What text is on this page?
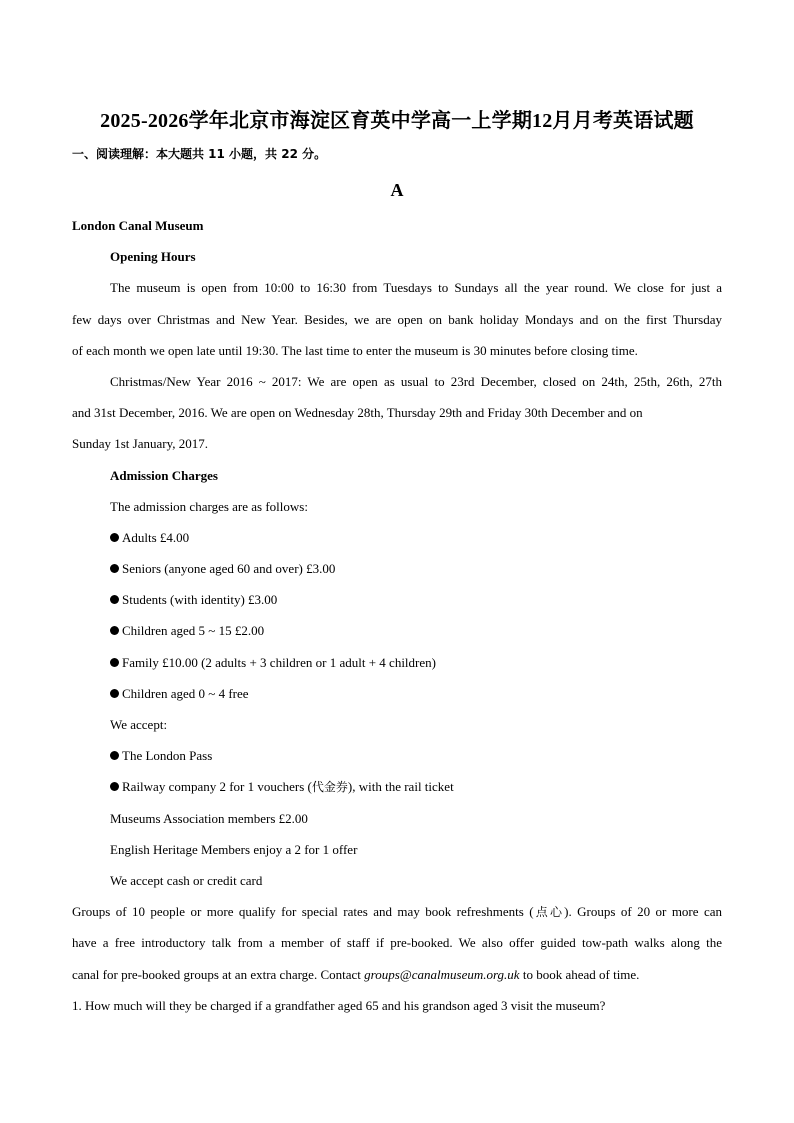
2025-2026学年北京市海淀区育英中学高一上学期12月月考英语试题
一、阅读理解：本大题共 11 小题，共 22 分。
A
London Canal Museum
Opening Hours
The museum is open from 10:00 to 16:30 from Tuesdays to Sundays all the year round. We close for just a
few days over Christmas and New Year. Besides, we are open on bank holiday Mondays and on the first Thursday
of each month we open late until 19:30. The last time to enter the museum is 30 minutes before closing time.
Christmas/New Year 2016 ~ 2017: We are open as usual to 23rd December, closed on 24th, 25th, 26th, 27th
and 31st December, 2016. We are open on Wednesday 28th, Thursday 29th and Friday 30th December and on
Sunday 1st January, 2017.
Admission Charges
The admission charges are as follows:
Adults £4.00
Seniors (anyone aged 60 and over) £3.00
Students (with identity) £3.00
Children aged 5 ~ 15 £2.00
Family £10.00 (2 adults + 3 children or 1 adult + 4 children)
Children aged 0 ~ 4 free
We accept:
The London Pass
Railway company 2 for 1 vouchers (代金券), with the rail ticket
Museums Association members £2.00
English Heritage Members enjoy a 2 for 1 offer
We accept cash or credit card
Groups of 10 people or more qualify for special rates and may book refreshments (点心). Groups of 20 or more can
have a free introductory talk from a member of staff if pre-booked. We also offer guided tow-path walks along the
canal for pre-booked groups at an extra charge. Contact groups@canalmuseum.org.uk to book ahead of time.
1. How much will they be charged if a grandfather aged 65 and his grandson aged 3 visit the museum?
